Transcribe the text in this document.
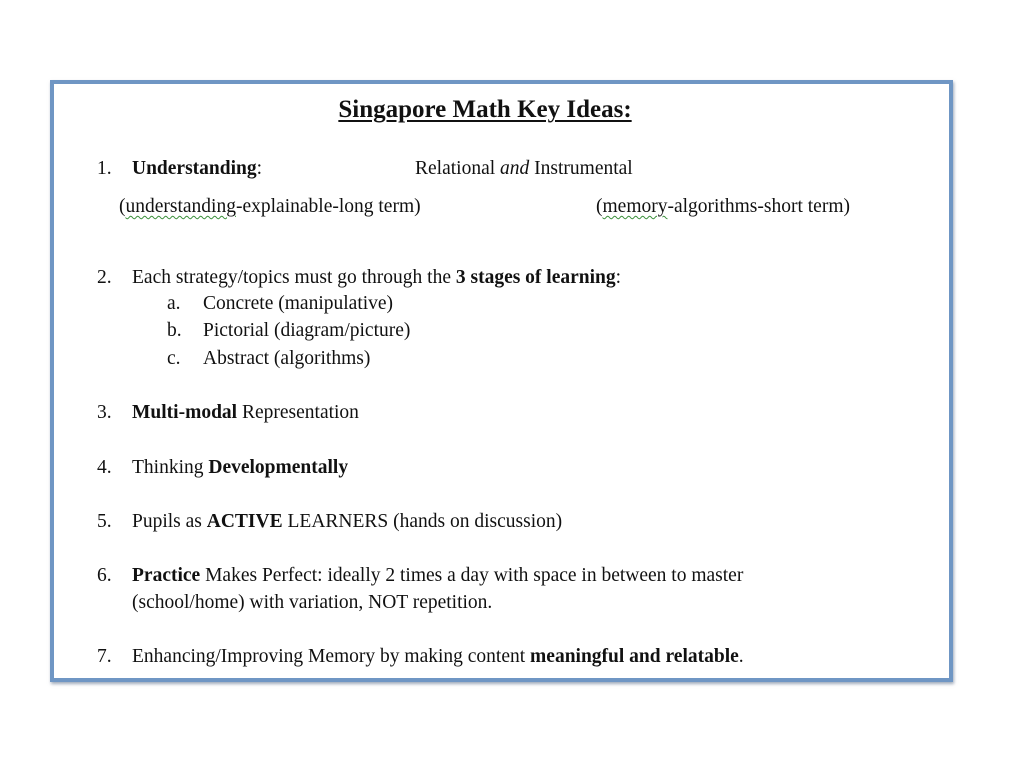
Singapore Math Key Ideas:
1. Understanding:	Relational and Instrumental
(understanding-explainable-long term)	(memory-algorithms-short term)
2. Each strategy/topics must go through the 3 stages of learning:
a. Concrete (manipulative)
b. Pictorial (diagram/picture)
c. Abstract (algorithms)
3. Multi-modal Representation
4. Thinking Developmentally
5. Pupils as ACTIVE LEARNERS (hands on discussion)
6. Practice Makes Perfect: ideally 2 times a day with space in between to master
(school/home) with variation, NOT repetition.
7. Enhancing/Improving Memory by making content meaningful and relatable.
